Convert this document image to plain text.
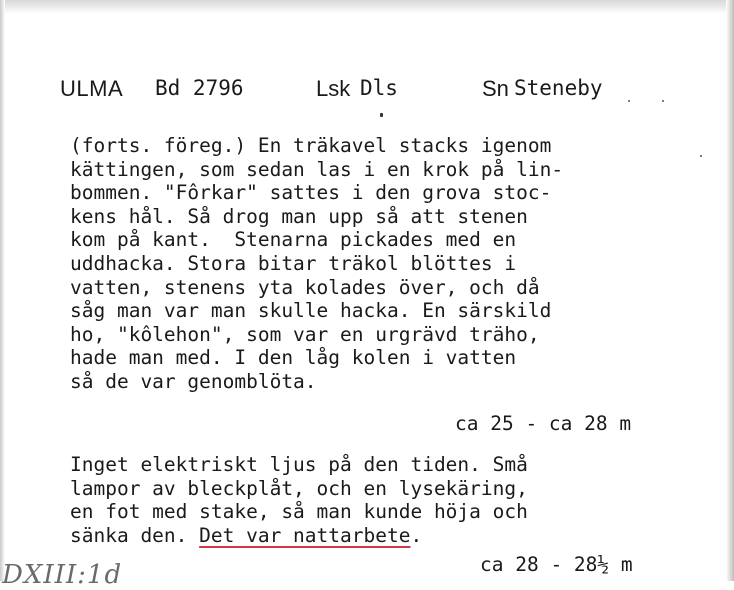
ULMA Bd 2796	Lsk Dls	Sn Steneby
(forts. föreg.) En träkavel stacks igenom
kättingen, som sedan las i en krok på lin-
bommen. "Fôrkar" sattes i den grova stoc-
kens hål. Så drog man upp så att stenen
kom på kant.  Stenarna pickades med en
uddhacka. Stora bitar träkol blöttes i
vatten, stenens yta kolades över, och då
såg man var man skulle hacka. En särskild
ho, "kôlehon", som var en urgrävd träho,
hade man med. I den låg kolen i vatten
så de var genomblöta.
ca 25 - ca 28 m
Inget elektriskt ljus på den tiden. Små
lampor av bleckplåt, och en lysekäring,
en fot med stake, så man kunde höja och
sänka den. Det var nattarbete.
ca 28 - 28½ m
DXIII:1d
